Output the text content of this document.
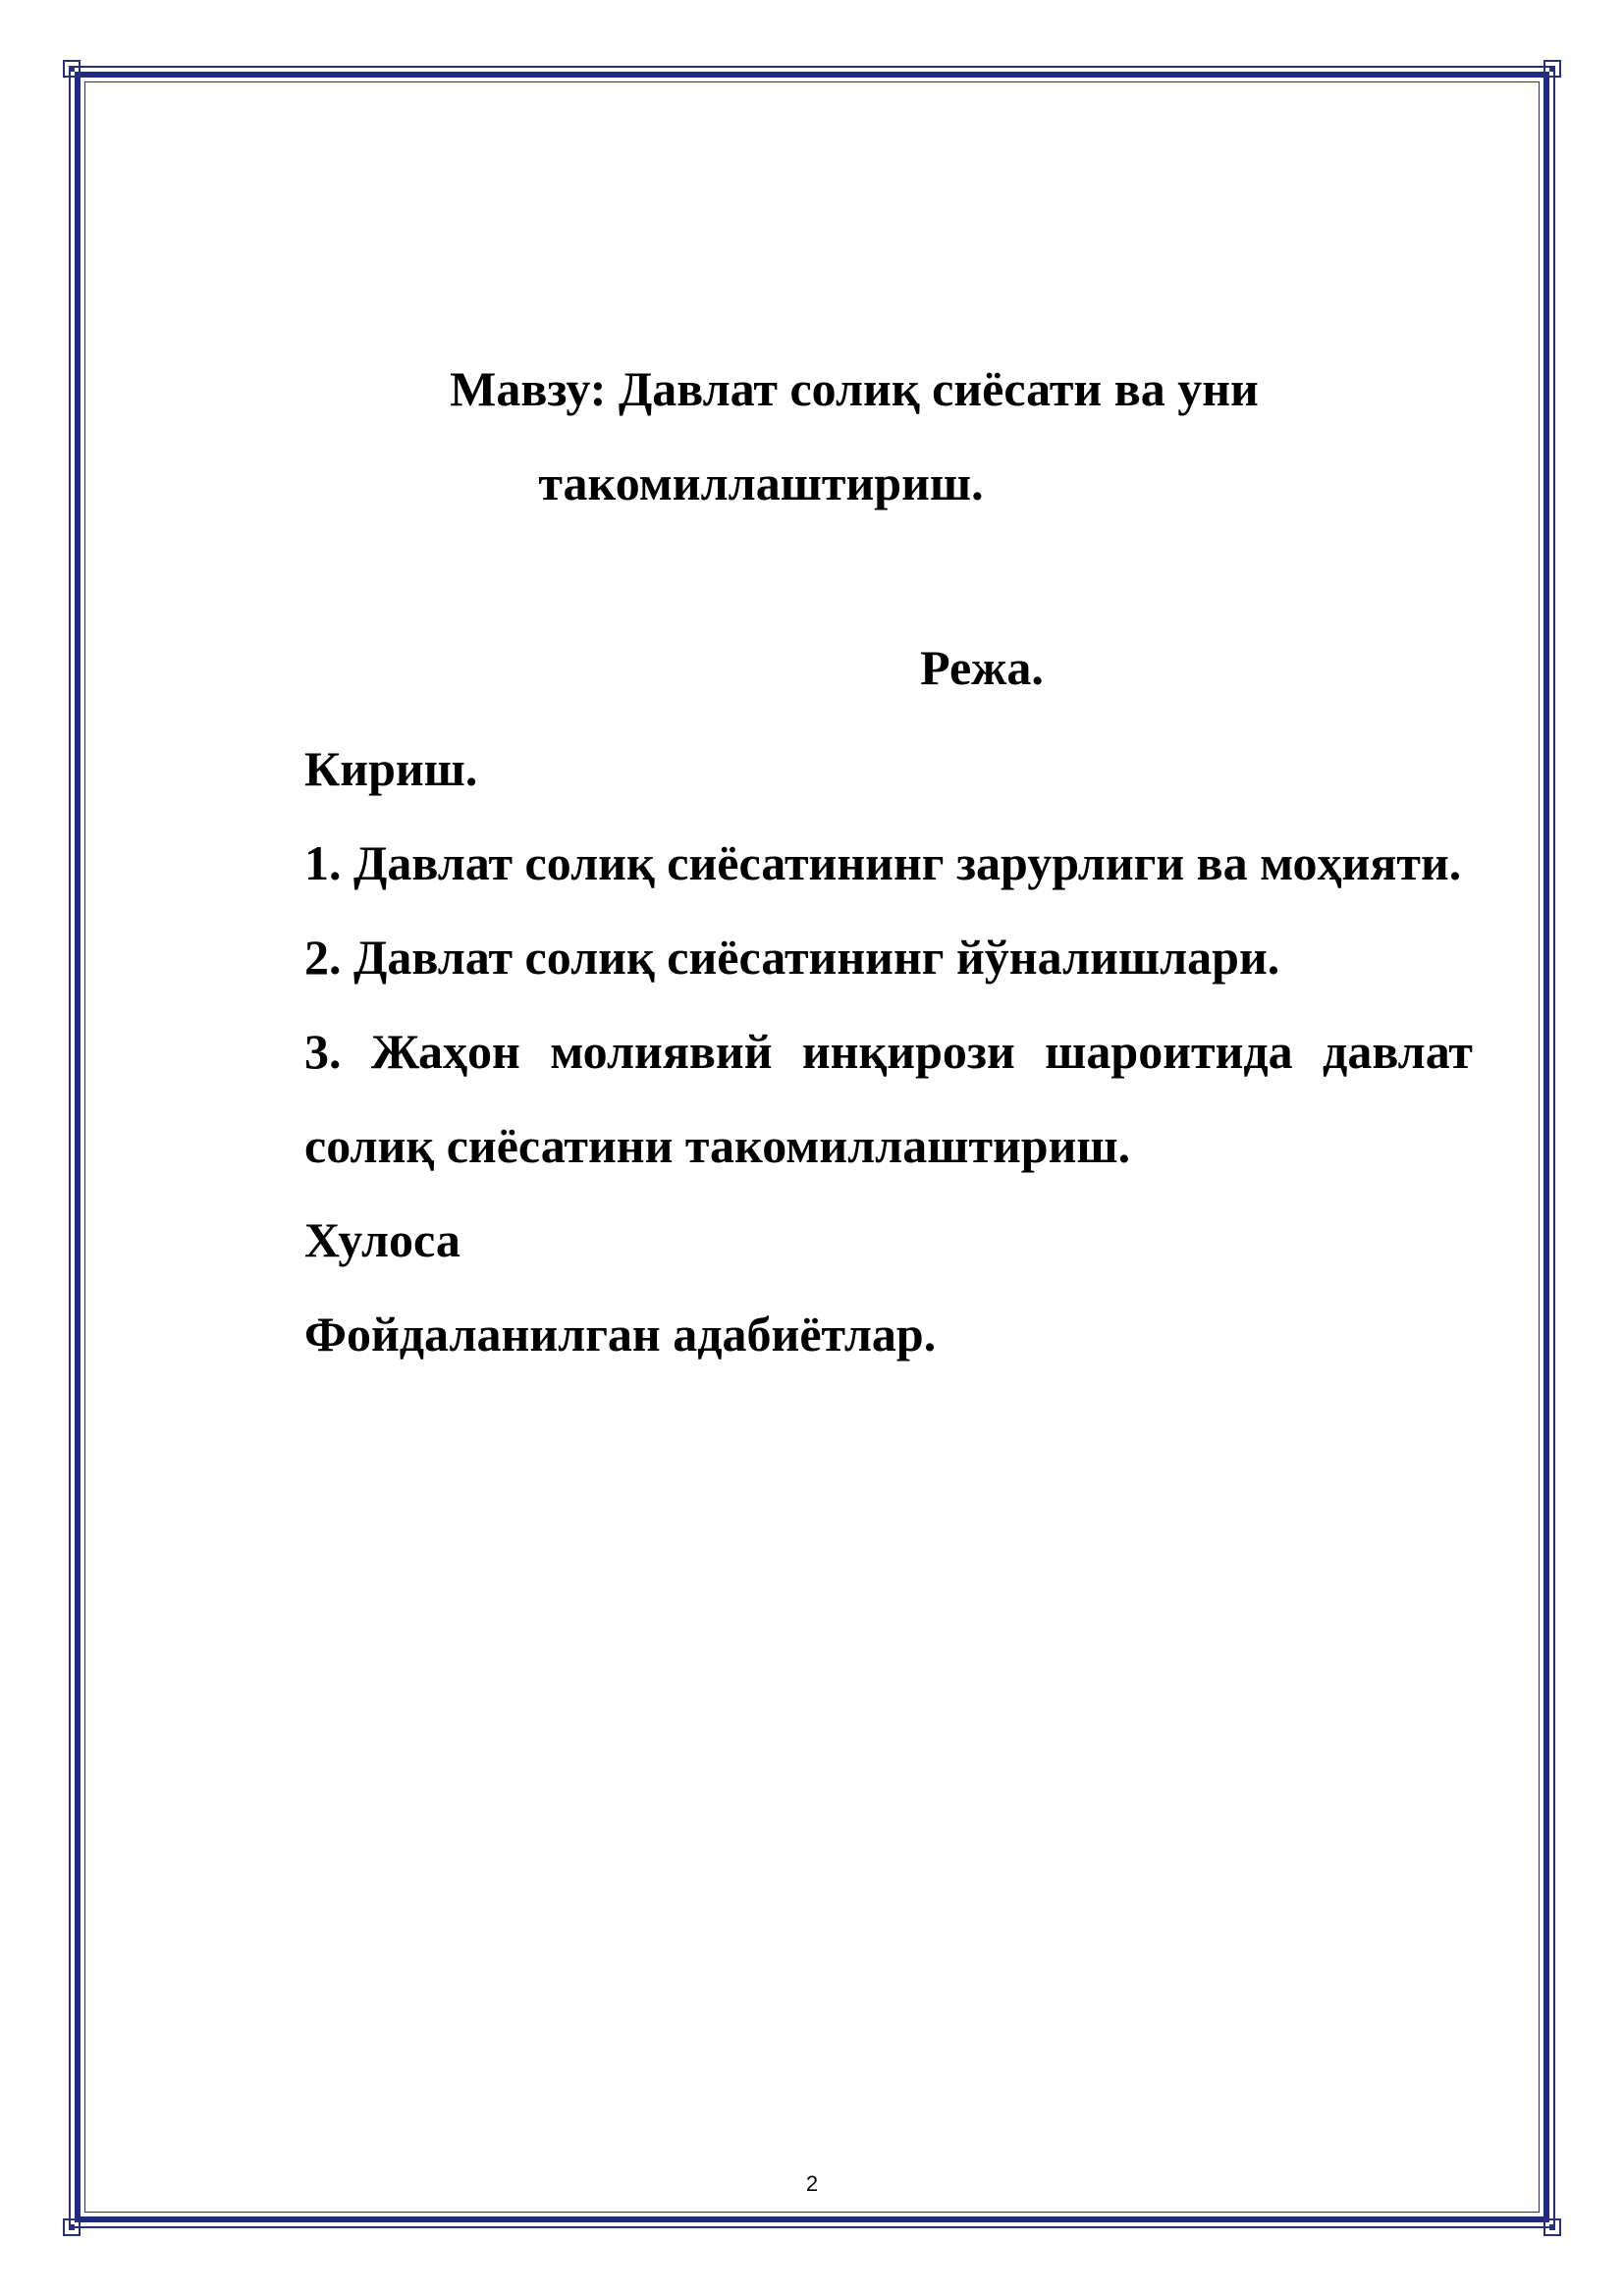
Мавзу: Давлат солиқ сиёсати ва уни
такомиллаштириш.
Режа.
Кириш.
1. Давлат солиқ сиёсатининг зарурлиги ва моҳияти.
2. Давлат солиқ сиёсатининг йўналишлари.
3. Жаҳон молиявий инқирози шароитида давлат солиқ сиёсатини такомиллаштириш.
Хулоса
Фойдаланилган адабиётлар.
2
